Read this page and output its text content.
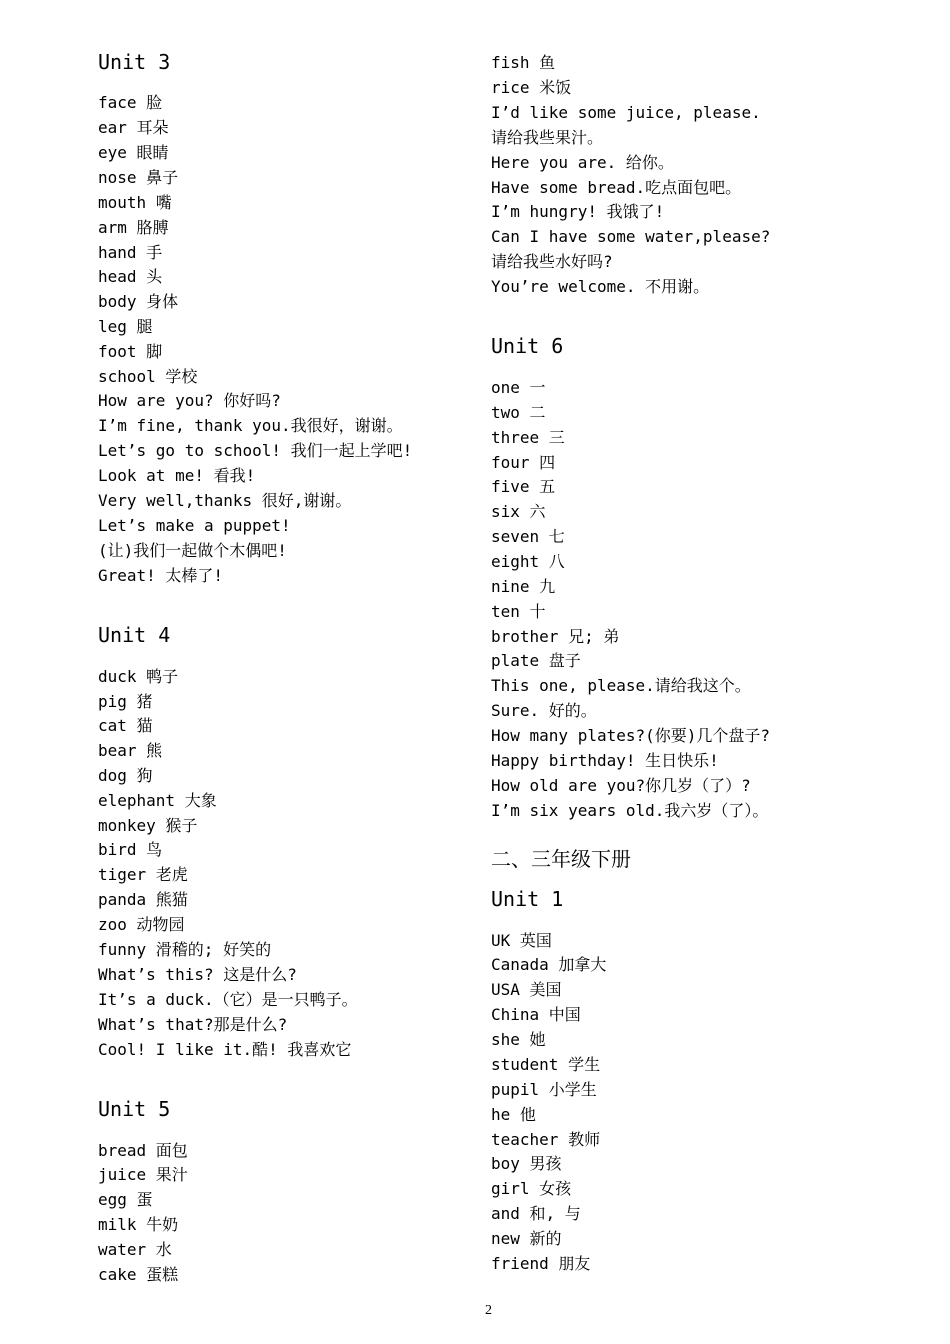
Unit 3
face 脸
ear 耳朵
eye 眼睛
nose 鼻子
mouth 嘴
arm 胳膊
hand 手
head 头
body 身体
leg 腿
foot 脚
school 学校
How are you? 你好吗?
I’m fine, thank you.我很好，谢谢。
Let’s go to school! 我们一起上学吧!
Look at me! 看我!
Very well,thanks 很好,谢谢。
Let’s make a puppet!
(让)我们一起做个木偶吧!
Great! 太棒了!
Unit 4
duck 鸭子
pig 猪
cat 猫
bear 熊
dog 狗
elephant 大象
monkey 猴子
bird 鸟
tiger 老虎
panda 熊猫
zoo 动物园
funny 滑稽的; 好笑的
What’s this? 这是什么?
It’s a duck.（它）是一只鸭子。
What’s that?那是什么?
Cool! I like it.酷! 我喜欢它
Unit 5
bread 面包
juice 果汁
egg 蛋
milk 牛奶
water 水
cake 蛋糕
fish 鱼
rice 米饭
I’d like some juice, please.
请给我些果汁。
Here you are. 给你。
Have some bread.吃点面包吧。
I’m hungry! 我饿了!
Can I have some water,please?
请给我些水好吗?
You’re welcome. 不用谢。
Unit 6
one 一
two 二
three 三
four 四
five 五
six 六
seven 七
eight 八
nine 九
ten 十
brother 兄; 弟
plate 盘子
This one, please.请给我这个。
Sure. 好的。
How many plates?(你要)几个盘子?
Happy birthday! 生日快乐!
How old are you?你几岁（了）?
I’m six years old.我六岁（了）。
二、三年级下册
Unit 1
UK 英国
Canada 加拿大
USA 美国
China 中国
she 她
student 学生
pupil 小学生
he 他
teacher 教师
boy 男孩
girl 女孩
and 和, 与
new 新的
friend 朋友
2
